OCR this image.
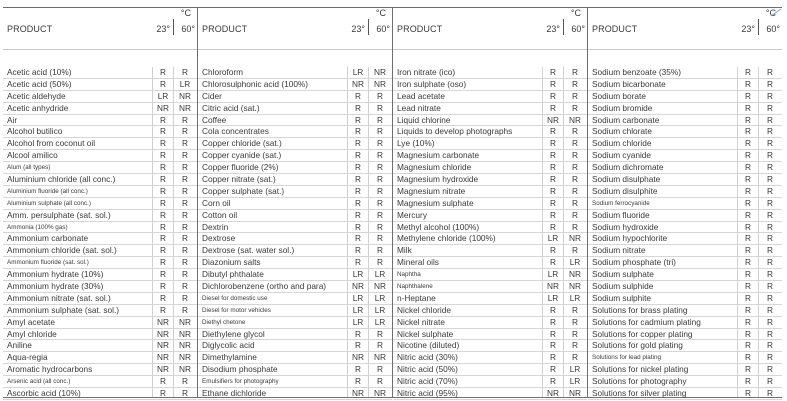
PRODUCT
°C
23° 60°
Acetic acid (10%)	R	R
Acetic acid (50%)	R	LR
Acetic aldehyde	LR NR
Acetic anhydride	NR NR
Air	R	R
Alcohol butilico	R	R
Alcohol from coconut oil	R	R
Alcool amilico	R	R
Alum (all types)	R	R
Aluminium chloride (all conc.)	R	R
Aluminium fluoride (all conc.)	R	R
Aluminium sulphate (all conc.)	R	R
Amm. persulphate (sat. sol.)	R	R
Ammonia (100% gas)	R	R
Ammonium carbonate	R	R
Ammonium chloride (sat. sol.)	R	R
Ammonium fluoride (sat. sol.)	R	R
Ammonium hydrate (10%)	R	R
Ammonium hydrate (30%)	R	R
Ammonium nitrate (sat. sol.)	R	R
Ammonium sulphate (sat. sol.)	R	R
Amyl acetate	NR NR
Amyl chloride	NR NR
Aniline	NR NR
Aqua-regia	NR NR
Aromatic hydrocarbons	NR NR
Arsenic acid (all conc.)	R	R
Ascorbic acid (10%)	R	R
PRODUCT
°C
23° 60°
Chloroform	LR NR
Chlorosulphonic acid (100%)	NR NR
Cider	R	R
Citric acid (sat.)	R	R
Coffee	R	R
Cola concentrates	R	R
Copper chloride (sat.)	R	R
Copper cyanide (sat.)	R	R
Copper fluoride (2%)	R	R
Copper nitrate (sat.)	R	R
Copper sulphate (sat.)	R	R
Corn oil	R	R
Cotton oil	R	R
Dextrin	R	R
Dextrose	R	R
Dextrose (sat. water sol.)	R	R
Diazonium salts	R	R
Dibutyl phthalate	LR	LR
Dichlorobenzene (ortho and para)	NR NR
Diesel for domestic use	LR	LR
Diesel for motor vehicles	LR	LR
Diethyl chetone	LR	LR
Diethylene glycol	R	R
Diglycolic acid	R	R
Dimethylamine	NR NR
Disodium phosphate	R	R
Emulsifiers for photography	R	R
Ethane dichloride	NR NR
PRODUCT
°C
23° 60°
Iron nitrate (ico)	R	R
Iron sulphate (oso)	R	R
Lead acetate	R	R
Lead nitrate	R	R
Liquid chlorine	NR NR
Liquids to develop photographs	R	R
Lye (10%)	R	R
Magnesium carbonate	R	R
Magnesium chloride	R	R
Magnesium hydroxide	R	R
Magnesium nitrate	R	R
Magnesium sulphate	R	R
Mercury	R	R
Methyl alcohol (100%)	R	R
Methylene chloride (100%)	LR NR
Milk	R	R
Mineral oils	R	LR
Naphtha	LR NR
Naphthalene	NR NR
n-Heptane	LR	LR
Nickel chloride	R	R
Nickel nitrate	R	R
Nickel sulphate	R	R
Nicotine (diluted)	R	R
Nitric acid (30%)	R	R
Nitric acid (50%)	R	LR
Nitric acid (70%)	R	LR
Nitric acid (95%)	NR NR
PRODUCT
°C
23° 60°
Sodium benzoate (35%)	R	R
Sodium bicarbonate	R	R
Sodium borate	R	R
Sodium bromide	R	R
Sodium carbonate	R	R
Sodium chlorate	R	R
Sodium chloride	R	R
Sodium cyanide	R	R
Sodium dichromate	R	R
Sodium disulphate	R	R
Sodium disulphite	R	R
Sodium ferrocyanide	R	R
Sodium fluoride	R	R
Sodium hydroxide	R	R
Sodium hypochlorite	R	R
Sodium nitrate	R	R
Sodium phosphate (tri)	R	R
Sodium sulphate	R	R
Sodium sulphide	R	R
Sodium sulphite	R	R
Solutions for brass plating	R	R
Solutions for cadmium plating	R	R
Solutions for copper plating	R	R
Solutions for gold plating	R	R
Solutions for lead plating	R	R
Solutions for nickel plating	R	R
Solutions for photography	R	R
Solutions for silver plating	R	R
